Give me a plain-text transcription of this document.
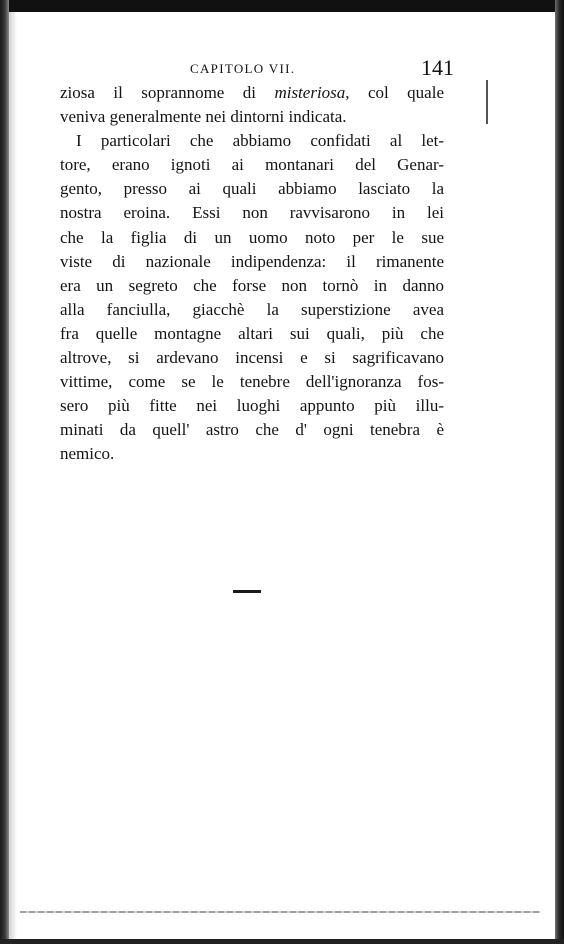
CAPITOLO VII.	141
ziosa il soprannome di misteriosa, col quale
veniva generalmente nei dintorni indicata.
I particolari che abbiamo confidati al let-
tore, erano ignoti ai montanari del Genar-
gento, presso ai quali abbiamo lasciato la
nostra eroina. Essi non ravvisarono in lei
che la figlia di un uomo noto per le sue
viste di nazionale indipendenza: il rimanente
era un segreto che forse non tornò in danno
alla fanciulla, giacchè la superstizione avea
fra quelle montagne altari sui quali, più che
altrove, si ardevano incensi e si sagrificavano
vittime, come se le tenebre dell'ignoranza fos-
sero più fitte nei luoghi appunto più illu-
minati da quell' astro che d' ogni tenebra è
nemico.
